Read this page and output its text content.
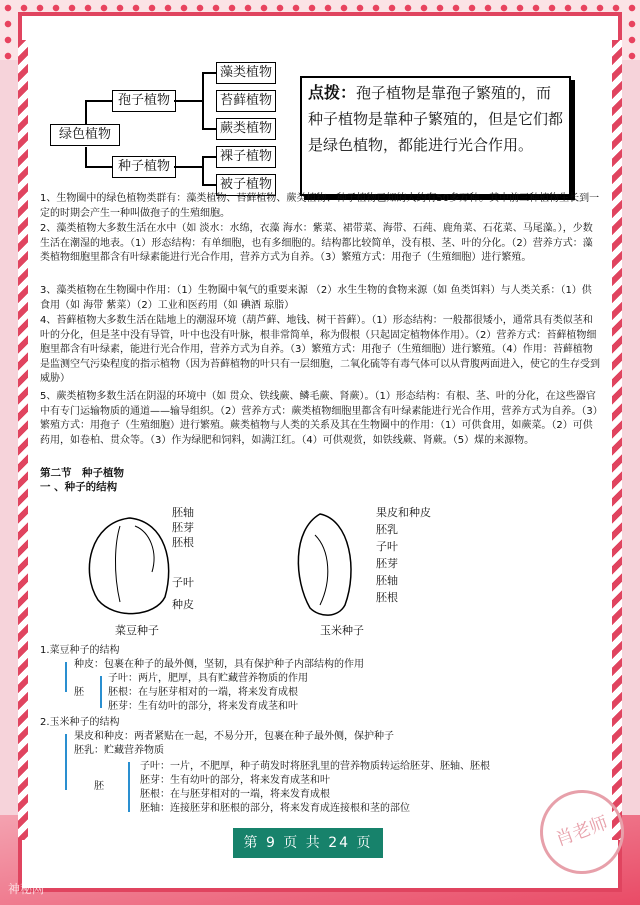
绿色植物
孢子植物
种子植物
藻类植物
苔藓植物
蕨类植物
裸子植物
被子植物
点拨：孢子植物是靠孢子繁殖的，而种子植物是靠种子繁殖的，但是它们都是绿色植物，都能进行光合作用。
1、生物圈中的绿色植物类群有：藻类植物、苔藓植物、蕨类植物、种子植物已知的大约有50多万种。其中前三种植物生长到一定的时期会产生一种叫做孢子的生殖细胞。
2、藻类植物大多数生活在水中（如 淡水：水绵，衣藻 海水：紫菜、裙带菜、海带、石莼、鹿角菜、石花菜、马尾藻。），少数生活在潮湿的地表。（1）形态结构：有单细胞，也有多细胞的。结构都比较简单，没有根、茎、叶的分化。（2）营养方式：藻类植物细胞里都含有叶绿素能进行光合作用，营养方式为自养。（3）繁殖方式：用孢子（生殖细胞）进行繁殖。
3、藻类植物在生物圈中作用：（1）生物圈中氧气的重要来源 （2）水生生物的食物来源（如 鱼类饵料）与人类关系：（1）供食用（如 海带 紫菜）（2）工业和医药用（如 碘酒 琼脂）
4、苔藓植物大多数生活在陆地上的潮湿环境（葫芦藓、地钱、树干苔藓）。（1）形态结构：一般都很矮小，通常具有类似茎和叶的分化，但是茎中没有导管，叶中也没有叶脉，根非常简单，称为假根（只起固定植物体作用）。（2）营养方式：苔藓植物细胞里都含有叶绿素，能进行光合作用，营养方式为自养。（3）繁殖方式：用孢子（生殖细胞）进行繁殖。（4）作用：苔藓植物是监测空气污染程度的指示植物（因为苔藓植物的叶只有一层细胞，二氧化硫等有毒气体可以从背腹两面进入，使它的生存受到威胁）
5、蕨类植物多数生活在阴湿的环境中（如 贯众、铁线蕨、鳞毛蕨、肾蕨）。（1）形态结构：有根、茎、叶的分化，在这些器官中有专门运输物质的通道——输导组织。（2）营养方式：蕨类植物细胞里都含有叶绿素能进行光合作用，营养方式为自养。（3）繁殖方式：用孢子（生殖细胞）进行繁殖。蕨类植物与人类的关系及其在生物圈中的作用：（1）可供食用，如蕨菜。（2）可供药用，如卷柏、贯众等。（3）作为绿肥和饲料，如满江红。（4）可供观赏，如铁线蕨、肾蕨。（5）煤的来源物。
第二节　种子植物
一 、种子的结构
胚轴
胚芽
胚根
子叶
种皮
菜豆种子
果皮和种皮
胚乳
子叶
胚芽
胚轴
胚根
玉米种子
1.菜豆种子的结构
种皮：包裹在种子的最外侧，坚韧，具有保护种子内部结构的作用
胚
子叶：两片，肥厚，具有贮藏营养物质的作用
胚根：在与胚芽相对的一端，将来发育成根
胚芽：生有幼叶的部分，将来发育成茎和叶
2.玉米种子的结构
果皮和种皮：两者紧贴在一起，不易分开，包裹在种子最外侧，保护种子
胚乳：贮藏营养物质
胚
子叶：一片，不肥厚，种子萌发时将胚乳里的营养物质转运给胚芽、胚轴、胚根
胚芽：生有幼叶的部分，将来发育成茎和叶
胚根：在与胚芽相对的一端，将来发育成根
胚轴：连接胚芽和胚根的部分，将来发育成连接根和茎的部位
第 9 页 共 24 页	肖老师
神秘网
